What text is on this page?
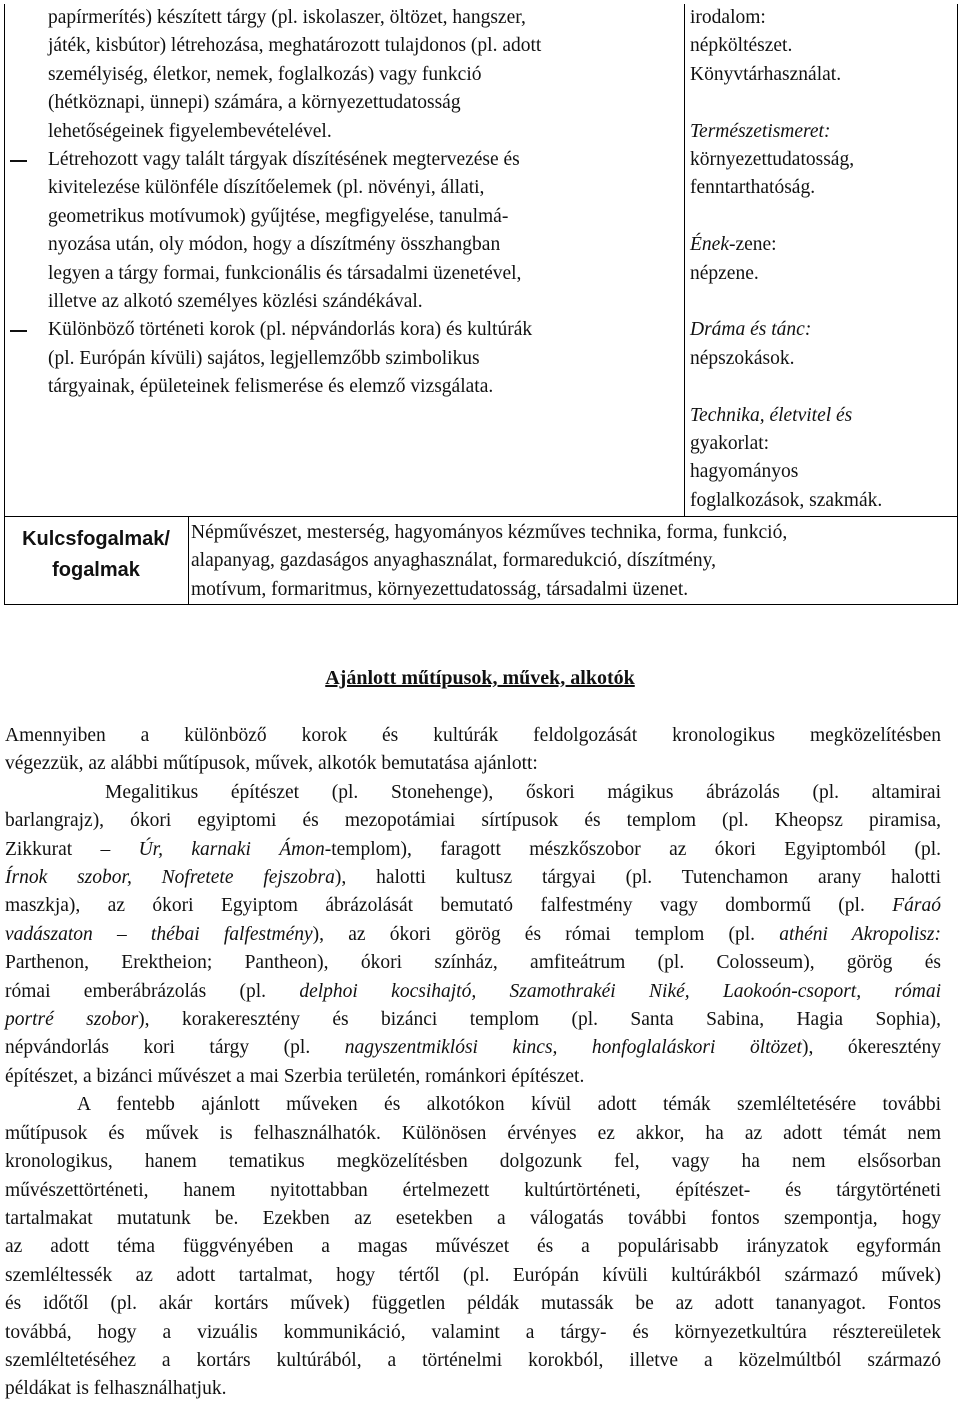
papírmerítés) készített tárgy (pl. iskolaszer, öltözet, hangszer,

játék, kisbútor) létrehozása, meghatározott tulajdonos (pl. adott

személyiség, életkor, nemek, foglalkozás) vagy funkció

(hétköznapi, ünnepi) számára, a környezettudatosság

lehetőségeinek figyelembevételével.

Létrehozott vagy talált tárgyak díszítésének megtervezése és

kivitelezése különféle díszítőelemek (pl. növényi, állati,

geometrikus motívumok) gyűjtése, megfigyelése, tanulmá-

nyozása után, oly módon, hogy a díszítmény összhangban

legyen a tárgy formai, funkcionális és társadalmi üzenetével,

illetve az alkotó személyes közlési szándékával.

Különböző történeti korok (pl. népvándorlás kora) és kultúrák

(pl. Európán kívüli) sajátos, legjellemzőbb szimbolikus

tárgyainak, épületeinek felismerése és elemző vizsgálata.

irodalom:

népköltészet.

Könyvtárhasználat.

Természetismeret:

környezettudatosság,

fenntarthatóság.

Ének-zene:

népzene.

Dráma és tánc:

népszokások.

Technika, életvitel és

gyakorlat:

hagyományos

foglalkozások, szakmák.

Kulcsfogalmak/
fogalmak

Népművészet, mesterség, hagyományos kézműves technika, forma, funkció,

alapanyag, gazdaságos anyaghasználat, formaredukció, díszítmény,

motívum, formaritmus, környezettudatosság, társadalmi üzenet.

Ajánlott műtípusok, művek, alkotók
Amennyiben a különböző korok és kultúrák feldolgozását kronologikus megközelítésben
végezzük, az alábbi műtípusok, művek, alkotók bemutatása ajánlott:
Megalitikus építészet (pl. Stonehenge), őskori mágikus ábrázolás (pl. altamirai
barlangrajz), ókori egyiptomi és mezopotámiai sírtípusok és templom (pl. Kheopsz piramisa,
Zikkurat – Úr, karnaki Ámon-templom), faragott mészkőszobor az ókori Egyiptomból (pl.
Írnok szobor, Nofretete fejszobra), halotti kultusz tárgyai (pl. Tutenchamon arany halotti
maszkja), az ókori Egyiptom ábrázolását bemutató falfestmény vagy dombormű (pl. Fáraó
vadászaton – thébai falfestmény), az ókori görög és római templom (pl. athéni Akropolisz:
Parthenon, Erektheion; Pantheon), ókori színház, amfiteátrum (pl. Colosseum), görög és
római emberábrázolás (pl. delphoi kocsihajtó, Szamothrakéi Niké, Laokoón-csoport, római
portré szobor), korakeresztény és bizánci templom (pl. Santa Sabina, Hagia Sophia),
népvándorlás kori tárgy (pl. nagyszentmiklósi kincs, honfoglaláskori öltözet), ókeresztény
építészet, a bizánci művészet a mai Szerbia területén, románkori építészet.
A fentebb ajánlott műveken és alkotókon kívül adott témák szemléltetésére további
műtípusok és művek is felhasználhatók. Különösen érvényes ez akkor, ha az adott témát nem
kronologikus, hanem tematikus megközelítésben dolgozunk fel, vagy ha nem elsősorban
művészettörténeti, hanem nyitottabban értelmezett kultúrtörténeti, építészet- és tárgytörténeti
tartalmakat mutatunk be. Ezekben az esetekben a válogatás további fontos szempontja, hogy
az adott téma függvényében a magas művészet és a populárisabb irányzatok egyformán
szemléltessék az adott tartalmat, hogy tértől (pl. Európán kívüli kultúrákból származó művek)
és időtől (pl. akár kortárs művek) független példák mutassák be az adott tananyagot. Fontos
továbbá, hogy a vizuális kommunikáció, valamint a tárgy- és környezetkultúra résztereületek
szemléltetéséhez a kortárs kultúrából, a történelmi korokból, illetve a közelmúltból származó
példákat is felhasználhatjuk.
